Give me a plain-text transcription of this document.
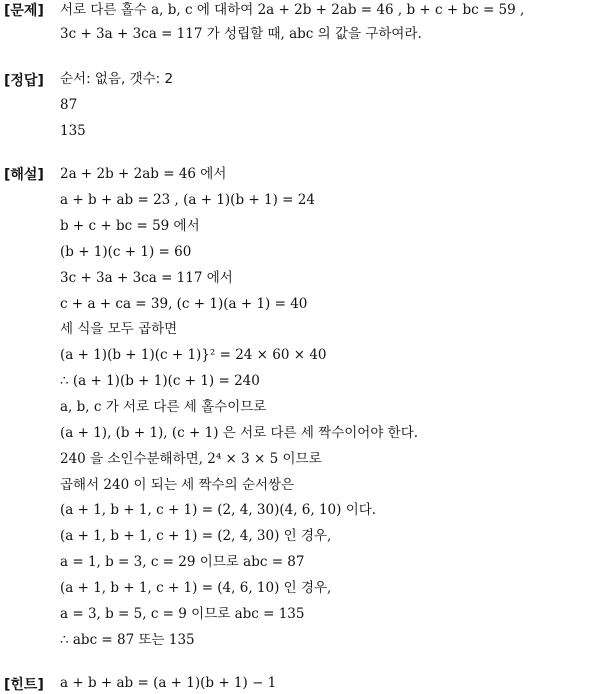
[문제] 서로 다른 홀수 a, b, c 에 대하여 2a + 2b + 2ab = 46 , b + c + bc = 59 ,
3c + 3a + 3ca = 117 가 성립할 때, abc 의 값을 구하여라.
[정답] 순서: 없음, 갯수: 2
87
135
[해설] 2a + 2b + 2ab = 46 에서
a + b + ab = 23 , (a + 1)(b + 1) = 24
b + c + bc = 59 에서
(b + 1)(c + 1) = 60
3c + 3a + 3ca = 117 에서
c + a + ca = 39, (c + 1)(a + 1) = 40
세 식을 모두 곱하면
(a + 1)(b + 1)(c + 1)}² = 24 × 60 × 40
∴ (a + 1)(b + 1)(c + 1) = 240
a, b, c 가 서로 다른 세 홀수이므로
(a + 1), (b + 1), (c + 1) 은 서로 다른 세 짝수이어야 한다.
240 을 소인수분해하면, 2⁴ × 3 × 5 이므로
곱해서 240 이 되는 세 짝수의 순서쌍은
(a + 1, b + 1, c + 1) = (2, 4, 30)(4, 6, 10) 이다.
(a + 1, b + 1, c + 1) = (2, 4, 30) 인 경우,
a = 1, b = 3, c = 29 이므로 abc = 87
(a + 1, b + 1, c + 1) = (4, 6, 10) 인 경우,
a = 3, b = 5, c = 9 이므로 abc = 135
∴ abc = 87 또는 135
[힌트] a + b + ab = (a + 1)(b + 1) − 1
